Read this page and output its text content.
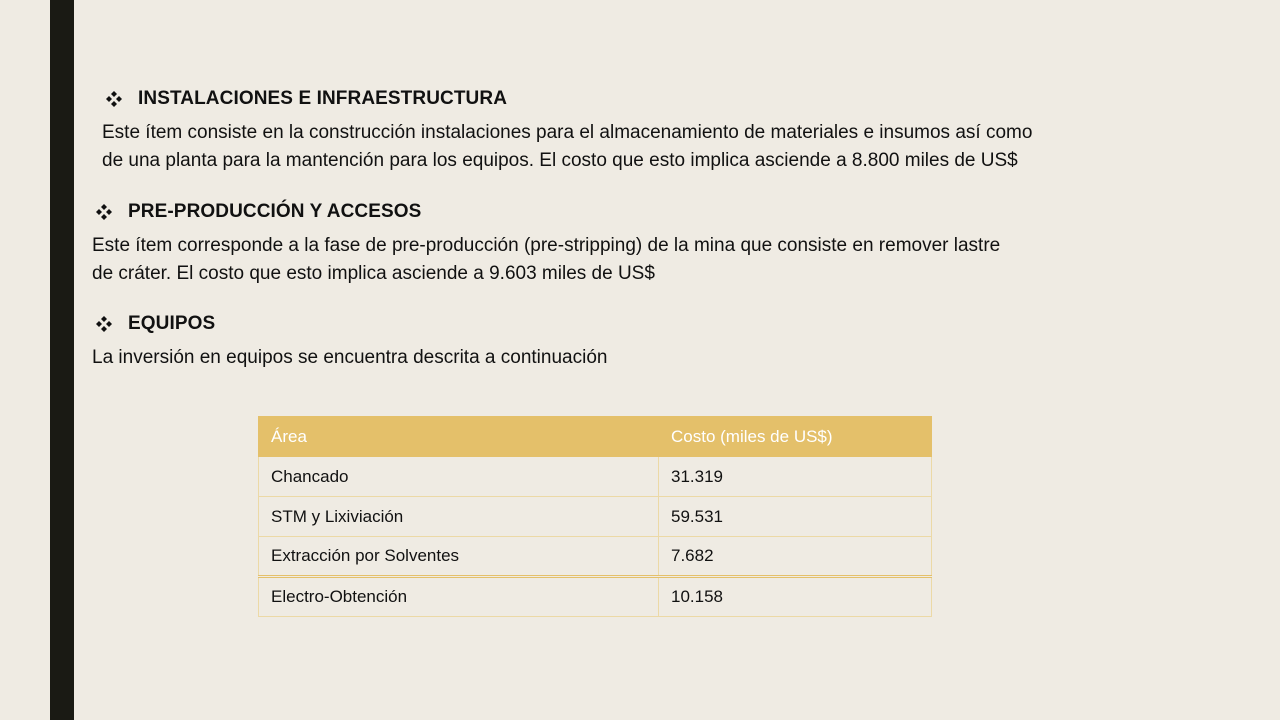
INSTALACIONES E INFRAESTRUCTURA
Este ítem consiste en la construcción instalaciones para el almacenamiento de materiales e insumos así como
de una planta para la mantención para los equipos. El costo que esto implica asciende a 8.800 miles de US$
PRE-PRODUCCIÓN Y ACCESOS
Este ítem corresponde a la fase de pre-producción (pre-stripping) de la mina que consiste en remover lastre
de cráter. El costo que esto implica asciende a 9.603 miles de US$
EQUIPOS
La inversión en equipos se encuentra descrita a continuación
Área	Costo (miles de US$)
Chancado	31.319
STM y Lixiviación	59.531
Extracción por Solventes	7.682
Electro-Obtención	10.158
